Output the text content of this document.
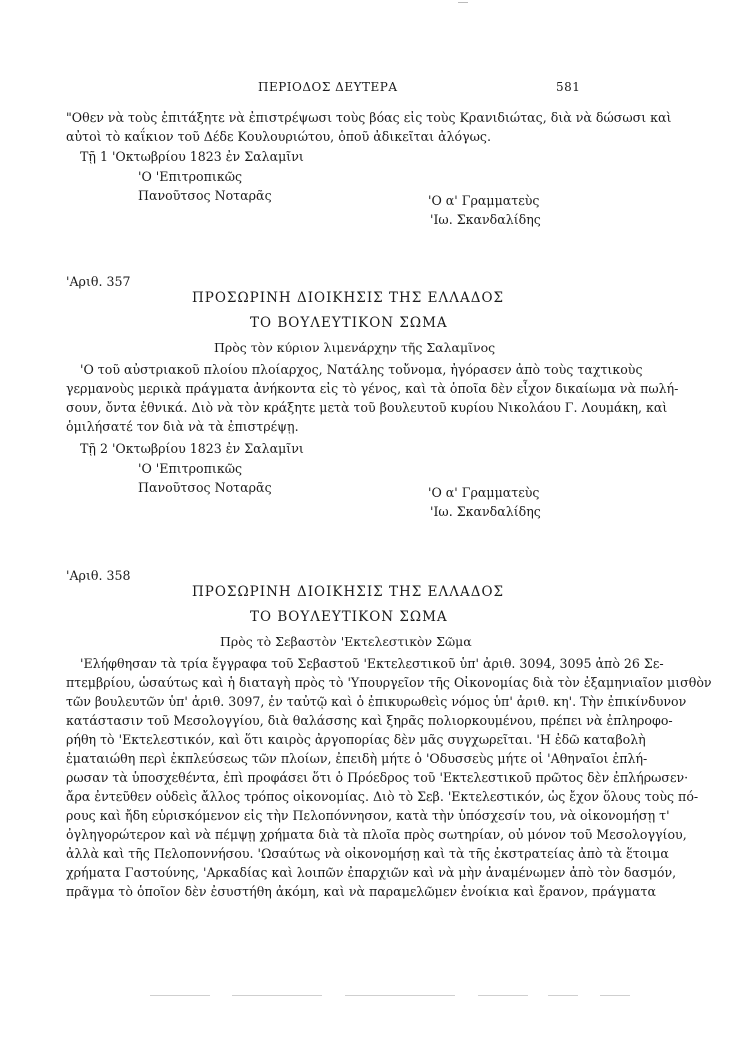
ΠΕΡΙΟΔΟΣ ΔΕΥΤΕΡΑ	581
"Οθεν νὰ τοὺς ἐπιτάξητε νὰ ἐπιστρέψωσι τοὺς βόας εἰς τοὺς Κρανιδιώτας, διὰ νὰ δώσωσι καὶ
αὐτοὶ τὸ καΐκιον τοῦ Δέδε Κουλουριώτου, ὁποῦ ἀδικεῖται ἀλόγως.
Τῇ 1 'Οκτωβρίου 1823 ἐν Σαλαμῖνι
'Ο 'Επιτροπικῶς
Πανοῦτσος Νοταρᾶς	'Ο α' Γραμματεὺς
'Ιω. Σκανδαλίδης
'Αριθ. 357
ΠΡΟΣΩΡΙΝΗ ΔΙΟΙΚΗΣΙΣ ΤΗΣ ΕΛΛΑΔΟΣ
ΤΟ ΒΟΥΛΕΥΤΙΚΟΝ ΣΩΜΑ
Πρὸς τὸν κύριον λιμενάρχην τῆς Σαλαμῖνος
'Ο τοῦ αὐστριακοῦ πλοίου πλοίαρχος, Νατάλης τοὔνομα, ἠγόρασεν ἀπὸ τοὺς ταχτικοὺς
γερμανοὺς μερικὰ πράγματα ἀνήκοντα εἰς τὸ γένος, καὶ τὰ ὁποῖα δὲν εἶχον δικαίωμα νὰ πωλή-
σουν, ὄντα ἐθνικά. Διὸ νὰ τὸν κράξητε μετὰ τοῦ βουλευτοῦ κυρίου Νικολάου Γ. Λουμάκη, καὶ
ὁμιλήσατέ τον διὰ νὰ τὰ ἐπιστρέψῃ.
Τῇ 2 'Οκτωβρίου 1823 ἐν Σαλαμῖνι
'Ο 'Επιτροπικῶς
Πανοῦτσος Νοταρᾶς	'Ο α' Γραμματεὺς
'Ιω. Σκανδαλίδης
'Αριθ. 358
ΠΡΟΣΩΡΙΝΗ ΔΙΟΙΚΗΣΙΣ ΤΗΣ ΕΛΛΑΔΟΣ
ΤΟ ΒΟΥΛΕΥΤΙΚΟΝ ΣΩΜΑ
Πρὸς τὸ Σεβαστὸν 'Εκτελεστικὸν Σῶμα
'Ελήφθησαν τὰ τρία ἔγγραφα τοῦ Σεβαστοῦ 'Εκτελεστικοῦ ὑπ' ἀριθ. 3094, 3095 ἀπὸ 26 Σε-
πτεμβρίου, ὡσαύτως καὶ ἡ διαταγὴ πρὸς τὸ 'Υπουργεῖον τῆς Οἰκονομίας διὰ τὸν ἐξαμηνιαῖον μισθὸν
τῶν βουλευτῶν ὑπ' ἀριθ. 3097, ἐν ταὐτῷ καὶ ὁ ἐπικυρωθεὶς νόμος ὑπ' ἀριθ. κη'. Τὴν ἐπικίνδυνον
κατάστασιν τοῦ Μεσολογγίου, διὰ θαλάσσης καὶ ξηρᾶς πολιορκουμένου, πρέπει νὰ ἐπληροφο-
ρήθη τὸ 'Εκτελεστικόν, καὶ ὅτι καιρὸς ἀργοπορίας δὲν μᾶς συγχωρεῖται. 'Η ἐδῶ καταβολὴ
ἐματαιώθη περὶ ἐκπλεύσεως τῶν πλοίων, ἐπειδὴ μήτε ὁ 'Οδυσσεὺς μήτε οἱ 'Αθηναῖοι ἐπλή-
ρωσαν τὰ ὑποσχεθέντα, ἐπὶ προφάσει ὅτι ὁ Πρόεδρος τοῦ 'Εκτελεστικοῦ πρῶτος δὲν ἐπλήρωσεν·
ἄρα ἐντεῦθεν οὐδεὶς ἄλλος τρόπος οἰκονομίας. Διὸ τὸ Σεβ. 'Εκτελεστικόν, ὡς ἔχον ὅλους τοὺς πό-
ρους καὶ ἤδη εὑρισκόμενον εἰς τὴν Πελοπόννησον, κατὰ τὴν ὑπόσχεσίν του, νὰ οἰκονομήσῃ τ'
ὀγληγορώτερον καὶ νὰ πέμψῃ χρήματα διὰ τὰ πλοῖα πρὸς σωτηρίαν, οὐ μόνον τοῦ Μεσολογγίου,
ἀλλὰ καὶ τῆς Πελοποννήσου. 'Ωσαύτως νὰ οἰκονομήσῃ καὶ τὰ τῆς ἐκστρατείας ἀπὸ τὰ ἕτοιμα
χρήματα Γαστούνης, 'Αρκαδίας καὶ λοιπῶν ἐπαρχιῶν καὶ νὰ μὴν ἀναμένωμεν ἀπὸ τὸν δασμόν,
πρᾶγμα τὸ ὁποῖον δὲν ἐσυστήθη ἀκόμη, καὶ νὰ παραμελῶμεν ἐνοίκια καὶ ἔρανον, πράγματα
